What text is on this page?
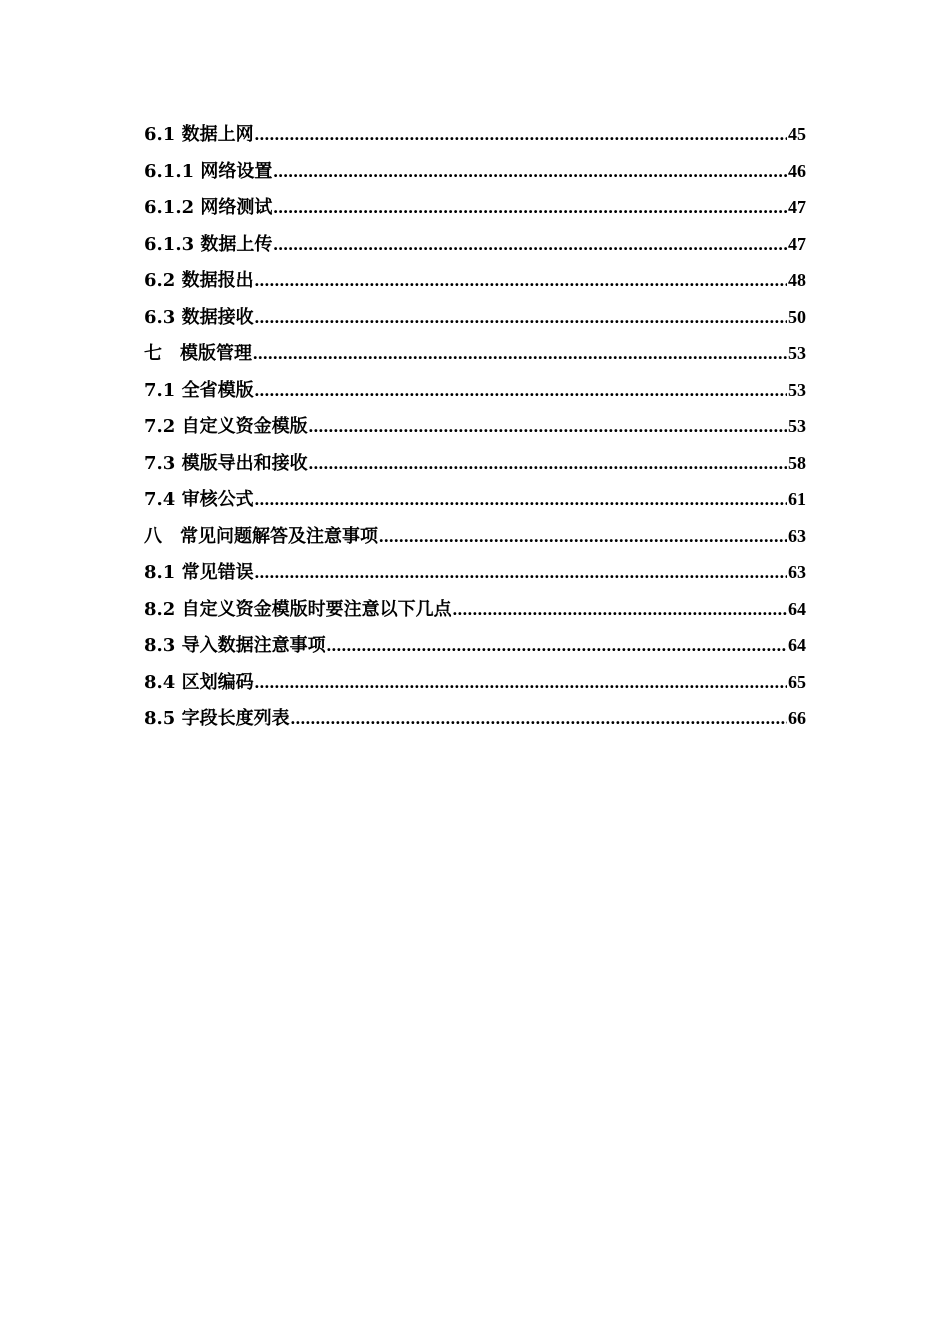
6.1 数据上网 .....	45
6.1.1 网络设置 .....	46
6.1.2 网络测试 .....	47
6.1.3 数据上传 .....	47
6.2 数据报出 .....	48
6.3 数据接收 .....	50
七　模版管理 .....	53
7.1 全省模版 .....	53
7.2 自定义资金模版 .....	53
7.3 模版导出和接收 .....	58
7.4 审核公式 .....	61
八　常见问题解答及注意事项 .....	63
8.1 常见错误 .....	63
8.2 自定义资金模版时要注意以下几点 .....	64
8.3 导入数据注意事项 .....	64
8.4 区划编码 .....	65
8.5 字段长度列表 .....	66
